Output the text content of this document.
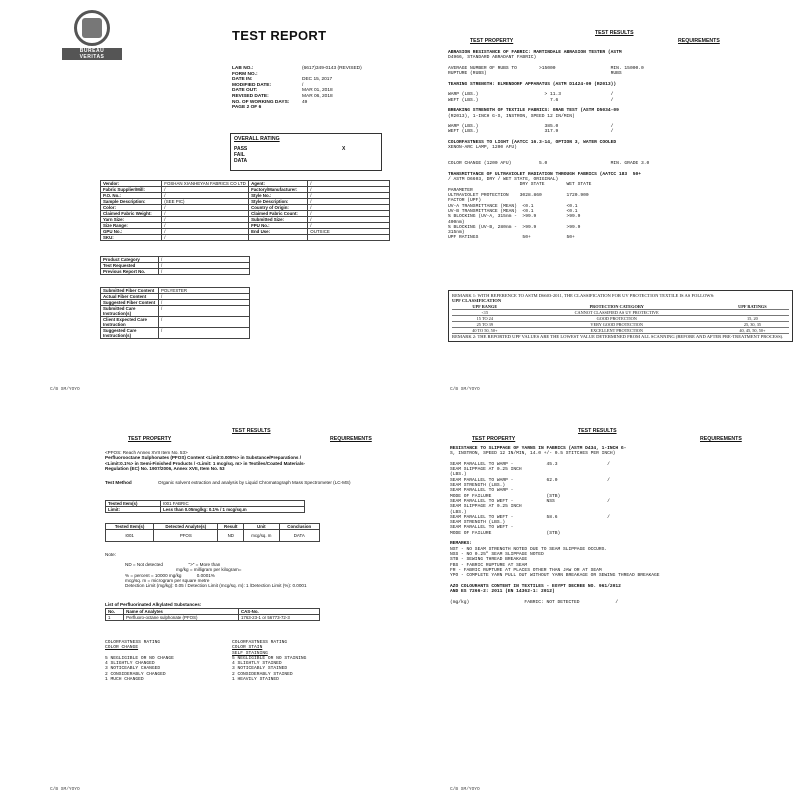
BUREAU
VERITAS
TEST REPORT
LAB NO.:	(6617)349-0143 (REVISED)
FORM NO.:
DATE IN:	DEC 15, 2017
MODIFIED DATE:	/
DATE OUT:	MAR 01, 2018
REVISED DATE:	MAR 06, 2018
NO. OF WORKING DAYS:	49
PAGE 2 OF 6
OVERALL RATING
PASS	X
FAIL
DATA
Vendor:	FOSHAN XIANHEYAN FABRICS CO LTD	Agent:	/
Fabric Supplier/Mill:	/	Factory/Manufacturer:	/
P.O. No.:	/	Style No.:	/
Sample Description:	(SEE PIC)	Style Description:	/
Color:	/	Country of Origin:	/
Claimed Fabric Weight:	/	Claimed Fabric Count:	/
Yarn Size:	/	Submitted Size:	/
Size Range:	/	FPU No.:	/
GPU No.:	/	End Use:	OUTSICE
SKU:	/		
Product Category	/
Test Requested	/
Previous Report No.	/
Submitted Fiber Content	POLYESTER
Actual Fiber Content	/
Suggested Fiber Content	/
Submitted Care Instruction(s)	/
Client Expected Care Instruction	/
Suggested Care Instruction(s)	/
C/B SM/YOYO
TEST RESULTS
TEST PROPERTY	REQUIREMENTS
ABRASION RESISTANCE OF FABRIC: MARTINDALE ABRASION TESTER (ASTM
D4966, STANDARD ABRADANT FABRIC)
AVERAGE NUMBER OF RUBS TO        >15000                    MIN. 15000.0
RUPTURE (RUBS)                                             RUBS
TEARING STRENGTH: ELMENDORF APPARATUS (ASTM D1424-09 (R2013))
WARP (LBS.)                        > 11.3                  /
WEFT (LBS.)                          7.6                   /
BREAKING STRENGTH OF TEXTILE FABRICS: GRAB TEST (ASTM D5034-09
(R2013), 1-INCH G-S, INSTRON, SPEED 12 IN/MIN)
WARP (LBS.)                        385.0                   /
WEFT (LBS.)                        317.9                   /
COLORFASTNESS TO LIGHT (AATCC 16.3-14, OPTION 3, WATER COOLED
XENON-ARC LAMP, 1200 AFU)
COLOR CHANGE (1200 AFU)          5.0                       MIN. GRADE 3.0
TRANSMITTANCE OF ULTRAVIOLET RADIATION THROUGH FABRICS (AATCC 183  50+
/ ASTM D6603, DRY / WET STATE, ORIGINAL)
DRY STATE        WET STATE
PARAMETER
ULTRAVIOLET PROTECTION    3028.860         1720.900
FACTOR (UPF)
UV-A TRANSMITTANCE (MEAN)  <0.1            <0.1
UV-B TRANSMITTANCE (MEAN)  <0.1            <0.1
% BLOCKING (UV-A, 315nm -  >99.9           >99.9
400nm)
% BLOCKING (UV-B, 280nm -  >99.9           >99.9
315nm)
UPF RATINGS                50+             50+
REMARK 1: WITH REFERENCE TO ASTM D6603-2011, THE CLASSIFICATION FOR UV PROTECTION TEXTILE IS AS FOLLOWS:
UPF CLASSIFICATION
UPF RANGE	PROTECTION CATEGORY	UPF RATINGS
<15	CANNOT CLASSIFIED AS UV PROTECTIVE	
15 TO 24	GOOD PROTECTION	15, 20
25 TO 39	VERY GOOD PROTECTION	25, 30, 35
40 TO 50, 50+	EXCELLENT PROTECTION	40, 45, 50, 50+
REMARK 2: THE REPORTED UPF VALUES ARE THE LOWEST VALUE DETERMINED FROM ALL SCANNING (BEFORE AND AFTER PRE-TREATMENT PROCESS).
C/B SM/YOYO
TEST RESULTS
TEST PROPERTY	REQUIREMENTS
<PFOS: Reach Annex XVII Item No. 53>
Perfluorooctane Sulphonates (PFOS) Content <Limit:0.005%> in Substance/Preparations /
<Limit:0.1%> in Semi-Finished Products / <Limit: 1 mcg/sq. m> in Textiles/Coated Materials-
Regulation (EC) No. 1907/2006, Annex XVII, Item No. 53
Test Method	Organic solvent extraction and analysis by Liquid Chromatograph Mass Spectrometer (LC-MS)
Tested Item(s)	I001 FABRIC
Limit:	Less than 0.05mg/kg: 0.1% / 1 mcg/sq.m
Tested Item(s)	Detected Analyte(s)	Result	Unit	Conclusion
I001	PFOS	ND	mcg/sq. m	DATA
Note:
ND = Not detected                    ">" = More than
mg/kg = milligram per kilogram=
% = percent = 10000 mg/kg            0.0001%
mcg/sq. m = microgram per square metre
Detection Limit (mg/kg): 0.05 / Detection Limit (mcg/sq. m): 1 /Detection Limit (%): 0.0001
List of Perfluorinated Alkylated Substances:
No.	Name of Analytes	CAS-No.
1	Perfluoro-octane sulphonate (PFOS)	1763-23-1 or 56773-72-3
COLORFASTNESS RATING
COLOR CHANGE
5 NEGLIGIBLE OR NO CHANGE
4 SLIGHTLY CHANGED
3 NOTICEABLY CHANGED
2 CONSIDERABLY CHANGED
1 MUCH CHANGED
COLORFASTNESS RATING
COLOR STAIN
SELF STAINING
5 NEGLIGIBLE OR NO STAINING
4 SLIGHTLY STAINED
3 NOTICEABLY STAINED
2 CONSIDERABLY STAINED
1 HEAVILY STAINED
C/B SM/YOYO
TEST RESULTS
TEST PROPERTY	REQUIREMENTS
RESISTANCE TO SLIPPAGE OF YARNS IN FABRICS (ASTM D434, 1-INCH G-
S, INSTRON, SPEED 12 IN/MIN, 14.0 +/- 0.5 STITCHES PER INCH)
SEAM PARALLEL TO WARP -            45.3                  /
SEAM SLIPPAGE AT 0.25 INCH
(LBS.)
SEAM PARALLEL TO WARP -            62.0                  /
SEAM STRENGTH (LBS.)
SEAM PARALLEL TO WARP -
MODE OF FAILURE                    (STB)
SEAM PARALLEL TO WEFT -            NSS                   /
SEAM SLIPPAGE AT 0.25 INCH
(LBS.)
SEAM PARALLEL TO WEFT -            58.6                  /
SEAM STRENGTH (LBS.)
SEAM PARALLEL TO WEFT -
MODE OF FAILURE                    (STB)
REMARKS:
NST - NO SEAM STRENGTH NOTED DUE TO SEAM SLIPPAGE OCCURS.
NSS - NO 0.25" SEAM SLIPPAGE NOTED
STB - SEWING THREAD BREAKAGE
FBS - FABRIC RUPTURE AT SEAM
FR - FABRIC RUPTURE AT PLACES OTHER THAN JAW OR AT SEAM
YPO - COMPLETE YARN PULL OUT WITHOUT YARN BREAKAGE OR SEWING THREAD BREAKAGE
AZO COLOURANTS CONTENT IN TEXTILES - EGYPT DECREE NO. 961/2012
AND ES 7266-2: 2011 (EN 14362-1: 2012)
(mg/kg)                    FABRIC: NOT DETECTED             /
C/B SM/YOYO
